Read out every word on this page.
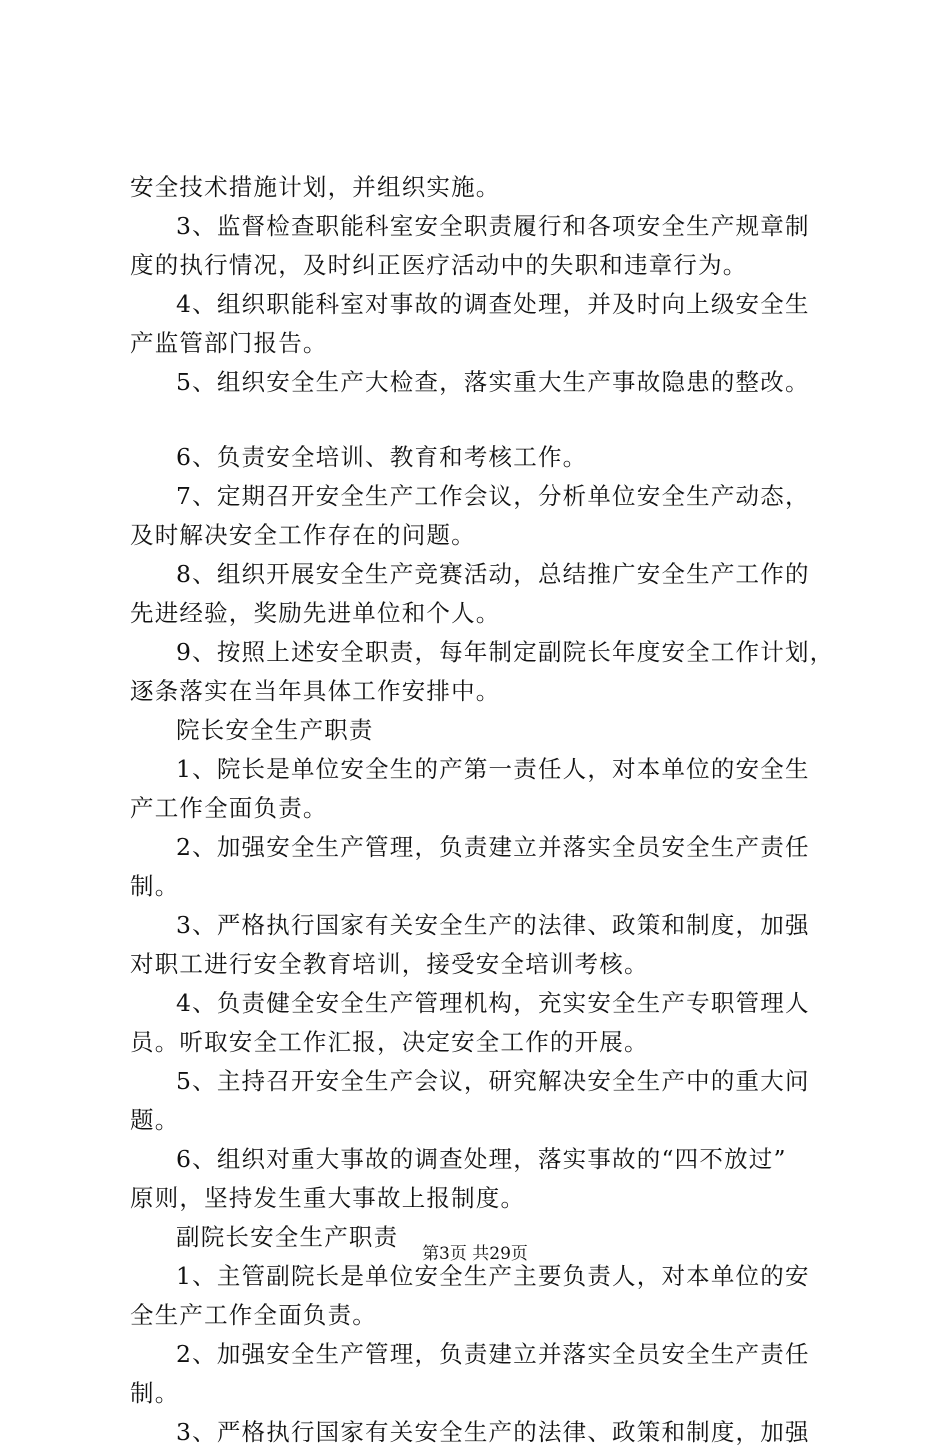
安全技术措施计划，并组织实施。
3、监督检查职能科室安全职责履行和各项安全生产规章制
度的执行情况，及时纠正医疗活动中的失职和违章行为。
4、组织职能科室对事故的调查处理，并及时向上级安全生
产监管部门报告。
5、组织安全生产大检查，落实重大生产事故隐患的整改。
6、负责安全培训、教育和考核工作。
7、定期召开安全生产工作会议，分析单位安全生产动态，
及时解决安全工作存在的问题。
8、组织开展安全生产竞赛活动，总结推广安全生产工作的
先进经验，奖励先进单位和个人。
9、按照上述安全职责，每年制定副院长年度安全工作计划，
逐条落实在当年具体工作安排中。
院长安全生产职责
1、院长是单位安全生的产第一责任人，对本单位的安全生
产工作全面负责。
2、加强安全生产管理，负责建立并落实全员安全生产责任
制。
3、严格执行国家有关安全生产的法律、政策和制度，加强
对职工进行安全教育培训，接受安全培训考核。
4、负责健全安全生产管理机构，充实安全生产专职管理人
员。听取安全工作汇报，决定安全工作的开展。
5、主持召开安全生产会议，研究解决安全生产中的重大问
题。
6、组织对重大事故的调查处理，落实事故的“四不放过”
原则，坚持发生重大事故上报制度。
副院长安全生产职责
1、主管副院长是单位安全生产主要负责人，对本单位的安
全生产工作全面负责。
2、加强安全生产管理，负责建立并落实全员安全生产责任
制。
3、严格执行国家有关安全生产的法律、政策和制度，加强
第3页 共29页
